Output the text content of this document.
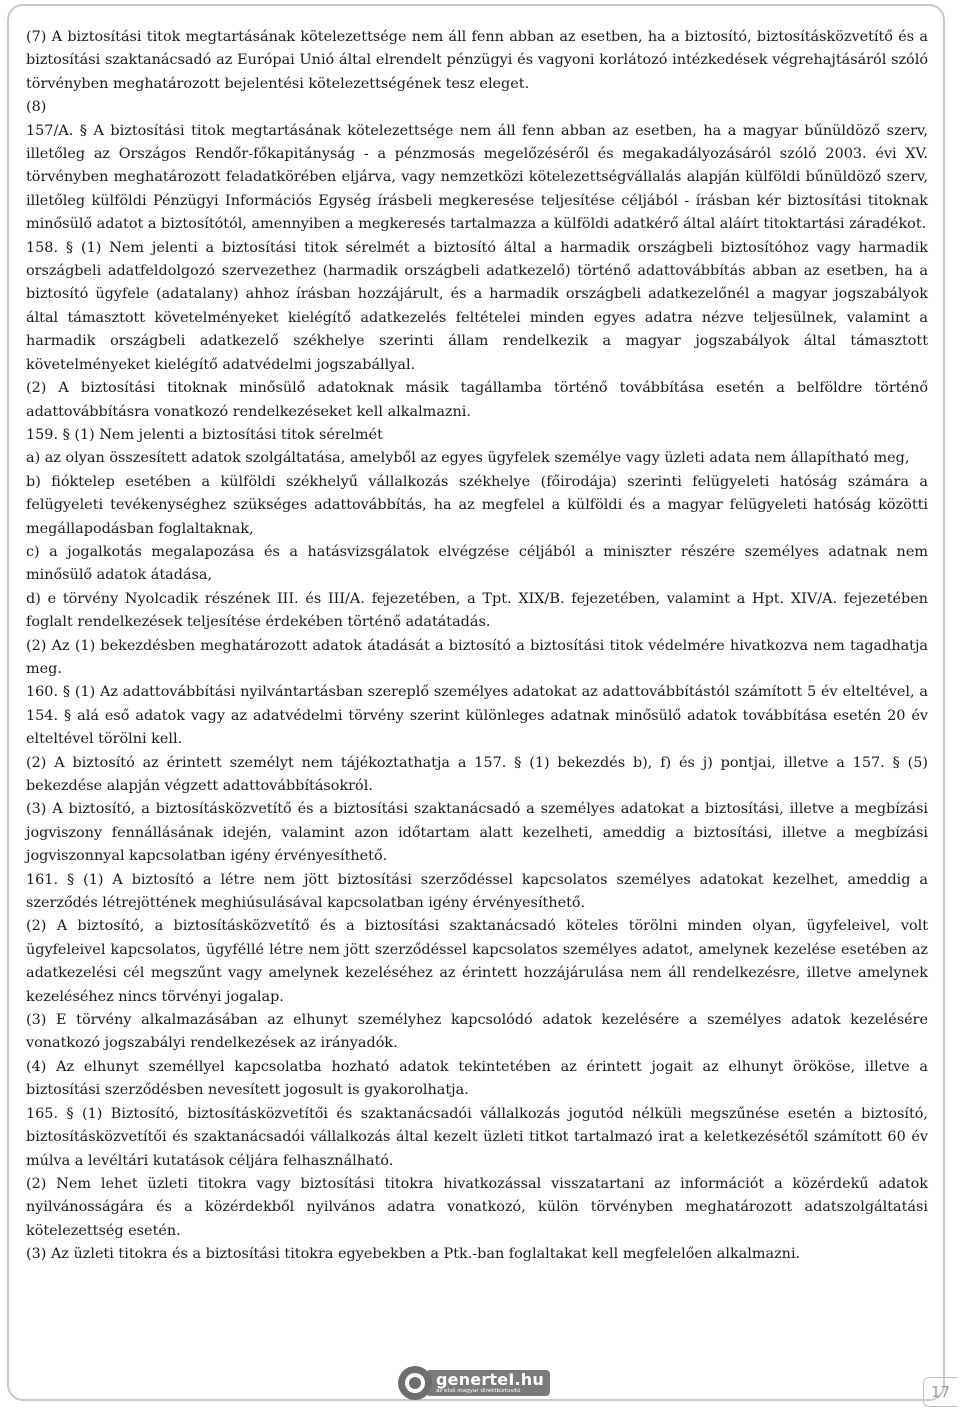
(7) A biztosítási titok megtartásának kötelezettsége nem áll fenn abban az esetben, ha a biztosító, biztosításközvetítő és a biztosítási szaktanácsadó az Európai Unió által elrendelt pénzügyi és vagyoni korlátozó intézkedések végrehajtásáról szóló törvényben meghatározott bejelentési kötelezettségének tesz eleget.

(8)

157/A. § A biztosítási titok megtartásának kötelezettsége nem áll fenn abban az esetben, ha a magyar bűnüldöző szerv, illetőleg az Országos Rendőr-főkapitányság - a pénzmosás megelőzéséről és megakadályozásáról szóló 2003. évi XV. törvényben meghatározott feladatkörében eljárva, vagy nemzetközi kötelezettségvállalás alapján külföldi bűnüldöző szerv, illetőleg külföldi Pénzügyi Információs Egység írásbeli megkeresése teljesítése céljából - írásban kér biztosítási titoknak minősülő adatot a biztosítótól, amennyiben a megkeresés tartalmazza a külföldi adatkérő által aláírt titoktartási záradékot.

158. § (1) Nem jelenti a biztosítási titok sérelmét a biztosító által a harmadik országbeli biztosítóhoz vagy harmadik országbeli adatfeldolgozó szervezethez (harmadik országbeli adatkezelő) történő adattovábbítás abban az esetben, ha a biztosító ügyfele (adatalany) ahhoz írásban hozzájárult, és a harmadik országbeli adatkezelőnél a magyar jogszabályok által támasztott követelményeket kielégítő adatkezelés feltételei minden egyes adatra nézve teljesülnek, valamint a harmadik országbeli adatkezelő székhelye szerinti állam rendelkezik a magyar jogszabályok által támasztott követelményeket kielégítő adatvédelmi jogszabállyal.

(2) A biztosítási titoknak minősülő adatoknak másik tagállamba történő továbbítása esetén a belföldre történő adattovábbításra vonatkozó rendelkezéseket kell alkalmazni.

159. § (1) Nem jelenti a biztosítási titok sérelmét

a) az olyan összesített adatok szolgáltatása, amelyből az egyes ügyfelek személye vagy üzleti adata nem állapítható meg,

b) fióktelep esetében a külföldi székhelyű vállalkozás székhelye (főirodája) szerinti felügyeleti hatóság számára a felügyeleti tevékenységhez szükséges adattovábbítás, ha az megfelel a külföldi és a magyar felügyeleti hatóság közötti megállapodásban foglaltaknak,

c) a jogalkotás megalapozása és a hatásvizsgálatok elvégzése céljából a miniszter részére személyes adatnak nem minősülő adatok átadása,

d) e törvény Nyolcadik részének III. és III/A. fejezetében, a Tpt. XIX/B. fejezetében, valamint a Hpt. XIV/A. fejezetében foglalt rendelkezések teljesítése érdekében történő adatátadás.

(2) Az (1) bekezdésben meghatározott adatok átadását a biztosító a biztosítási titok védelmére hivatkozva nem tagadhatja meg.

160. § (1) Az adattovábbítási nyilvántartásban szereplő személyes adatokat az adattovábbítástól számított 5 év elteltével, a 154. § alá eső adatok vagy az adatvédelmi törvény szerint különleges adatnak minősülő adatok továbbítása esetén 20 év elteltével törölni kell.

(2) A biztosító az érintett személyt nem tájékoztathatja a 157. § (1) bekezdés b), f) és j) pontjai, illetve a 157. § (5) bekezdése alapján végzett adattovábbításokról.

(3) A biztosító, a biztosításközvetítő és a biztosítási szaktanácsadó a személyes adatokat a biztosítási, illetve a megbízási jogviszony fennállásának idején, valamint azon időtartam alatt kezelheti, ameddig a biztosítási, illetve a megbízási jogviszonnyal kapcsolatban igény érvényesíthető.

161. § (1) A biztosító a létre nem jött biztosítási szerződéssel kapcsolatos személyes adatokat kezelhet, ameddig a szerződés létrejöttének meghiúsulásával kapcsolatban igény érvényesíthető.

(2) A biztosító, a biztosításközvetítő és a biztosítási szaktanácsadó köteles törölni minden olyan, ügyfeleivel, volt ügyfeleivel kapcsolatos, ügyféllé létre nem jött szerződéssel kapcsolatos személyes adatot, amelynek kezelése esetében az adatkezelési cél megszűnt vagy amelynek kezeléséhez az érintett hozzájárulása nem áll rendelkezésre, illetve amelynek kezeléséhez nincs törvényi jogalap.

(3) E törvény alkalmazásában az elhunyt személyhez kapcsolódó adatok kezelésére a személyes adatok kezelésére vonatkozó jogszabályi rendelkezések az irányadók.

(4) Az elhunyt személlyel kapcsolatba hozható adatok tekintetében az érintett jogait az elhunyt örököse, illetve a biztosítási szerződésben nevesített jogosult is gyakorolhatja.

165. § (1) Biztosító, biztosításközvetítői és szaktanácsadói vállalkozás jogutód nélküli megszűnése esetén a biztosító, biztosításközvetítői és szaktanácsadói vállalkozás által kezelt üzleti titkot tartalmazó irat a keletkezésétől számított 60 év múlva a levéltári kutatások céljára felhasználható.

(2) Nem lehet üzleti titokra vagy biztosítási titokra hivatkozással visszatartani az információt a közérdekű adatok nyilvánosságára és a közérdekből nyilvános adatra vonatkozó, külön törvényben meghatározott adatszolgáltatási kötelezettség esetén.

(3) Az üzleti titokra és a biztosítási titokra egyebekben a Ptk.-ban foglaltakat kell megfelelően alkalmazni.

generteI.hu
az első magyar direktbiztosító	17
